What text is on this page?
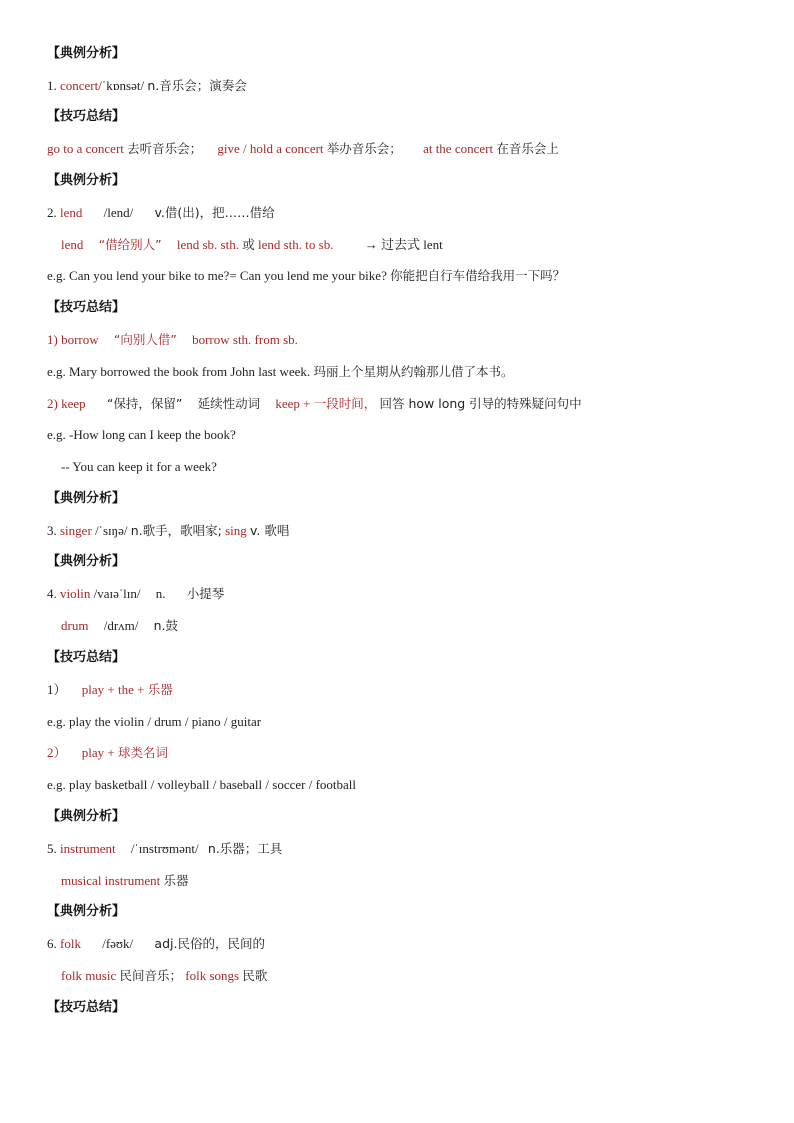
【典例分析】
1. concert/ˈkɒnsət/ n.音乐会；演奏会
【技巧总结】
go to a concert 去听音乐会； give / hold a concert 举办音乐会； at the concert 在音乐会上
【典例分析】
2. lend /lend/ v.借(出)，把……借给
lend “借给别人” lend sb. sth. 或 lend sth. to sb. → 过去式 lent
e.g. Can you lend your bike to me?= Can you lend me your bike? 你能把自行车借给我用一下吗？
【技巧总结】
1) borrow “向别人借” borrow sth. from sb.
e.g. Mary borrowed the book from John last week. 玛丽上个星期从约翰那儿借了本书。
2) keep “保持，保留” 延续性动词 keep + 一段时间， 回答 how long 引导的特殊疑问句中
e.g. -How long can I keep the book?
-- You can keep it for a week?
【典例分析】
3. singer /ˈsɪŋə/ n.歌手，歌唱家; sing v. 歌唱
【典例分析】
4. violin /vaɪəˈlɪn/ n. 小提琴
drum /drʌm/ n.鼓
【技巧总结】
1） play + the + 乐器
e.g. play the violin / drum / piano / guitar
2） play + 球类名词
e.g. play basketball / volleyball / baseball / soccer / football
【典例分析】
5. instrument /ˈɪnstrʊmənt/ n.乐器；工具
musical instrument 乐器
【典例分析】
6. folk /fəʊk/ adj.民俗的，民间的
folk music 民间音乐； folk songs 民歌
【技巧总结】
